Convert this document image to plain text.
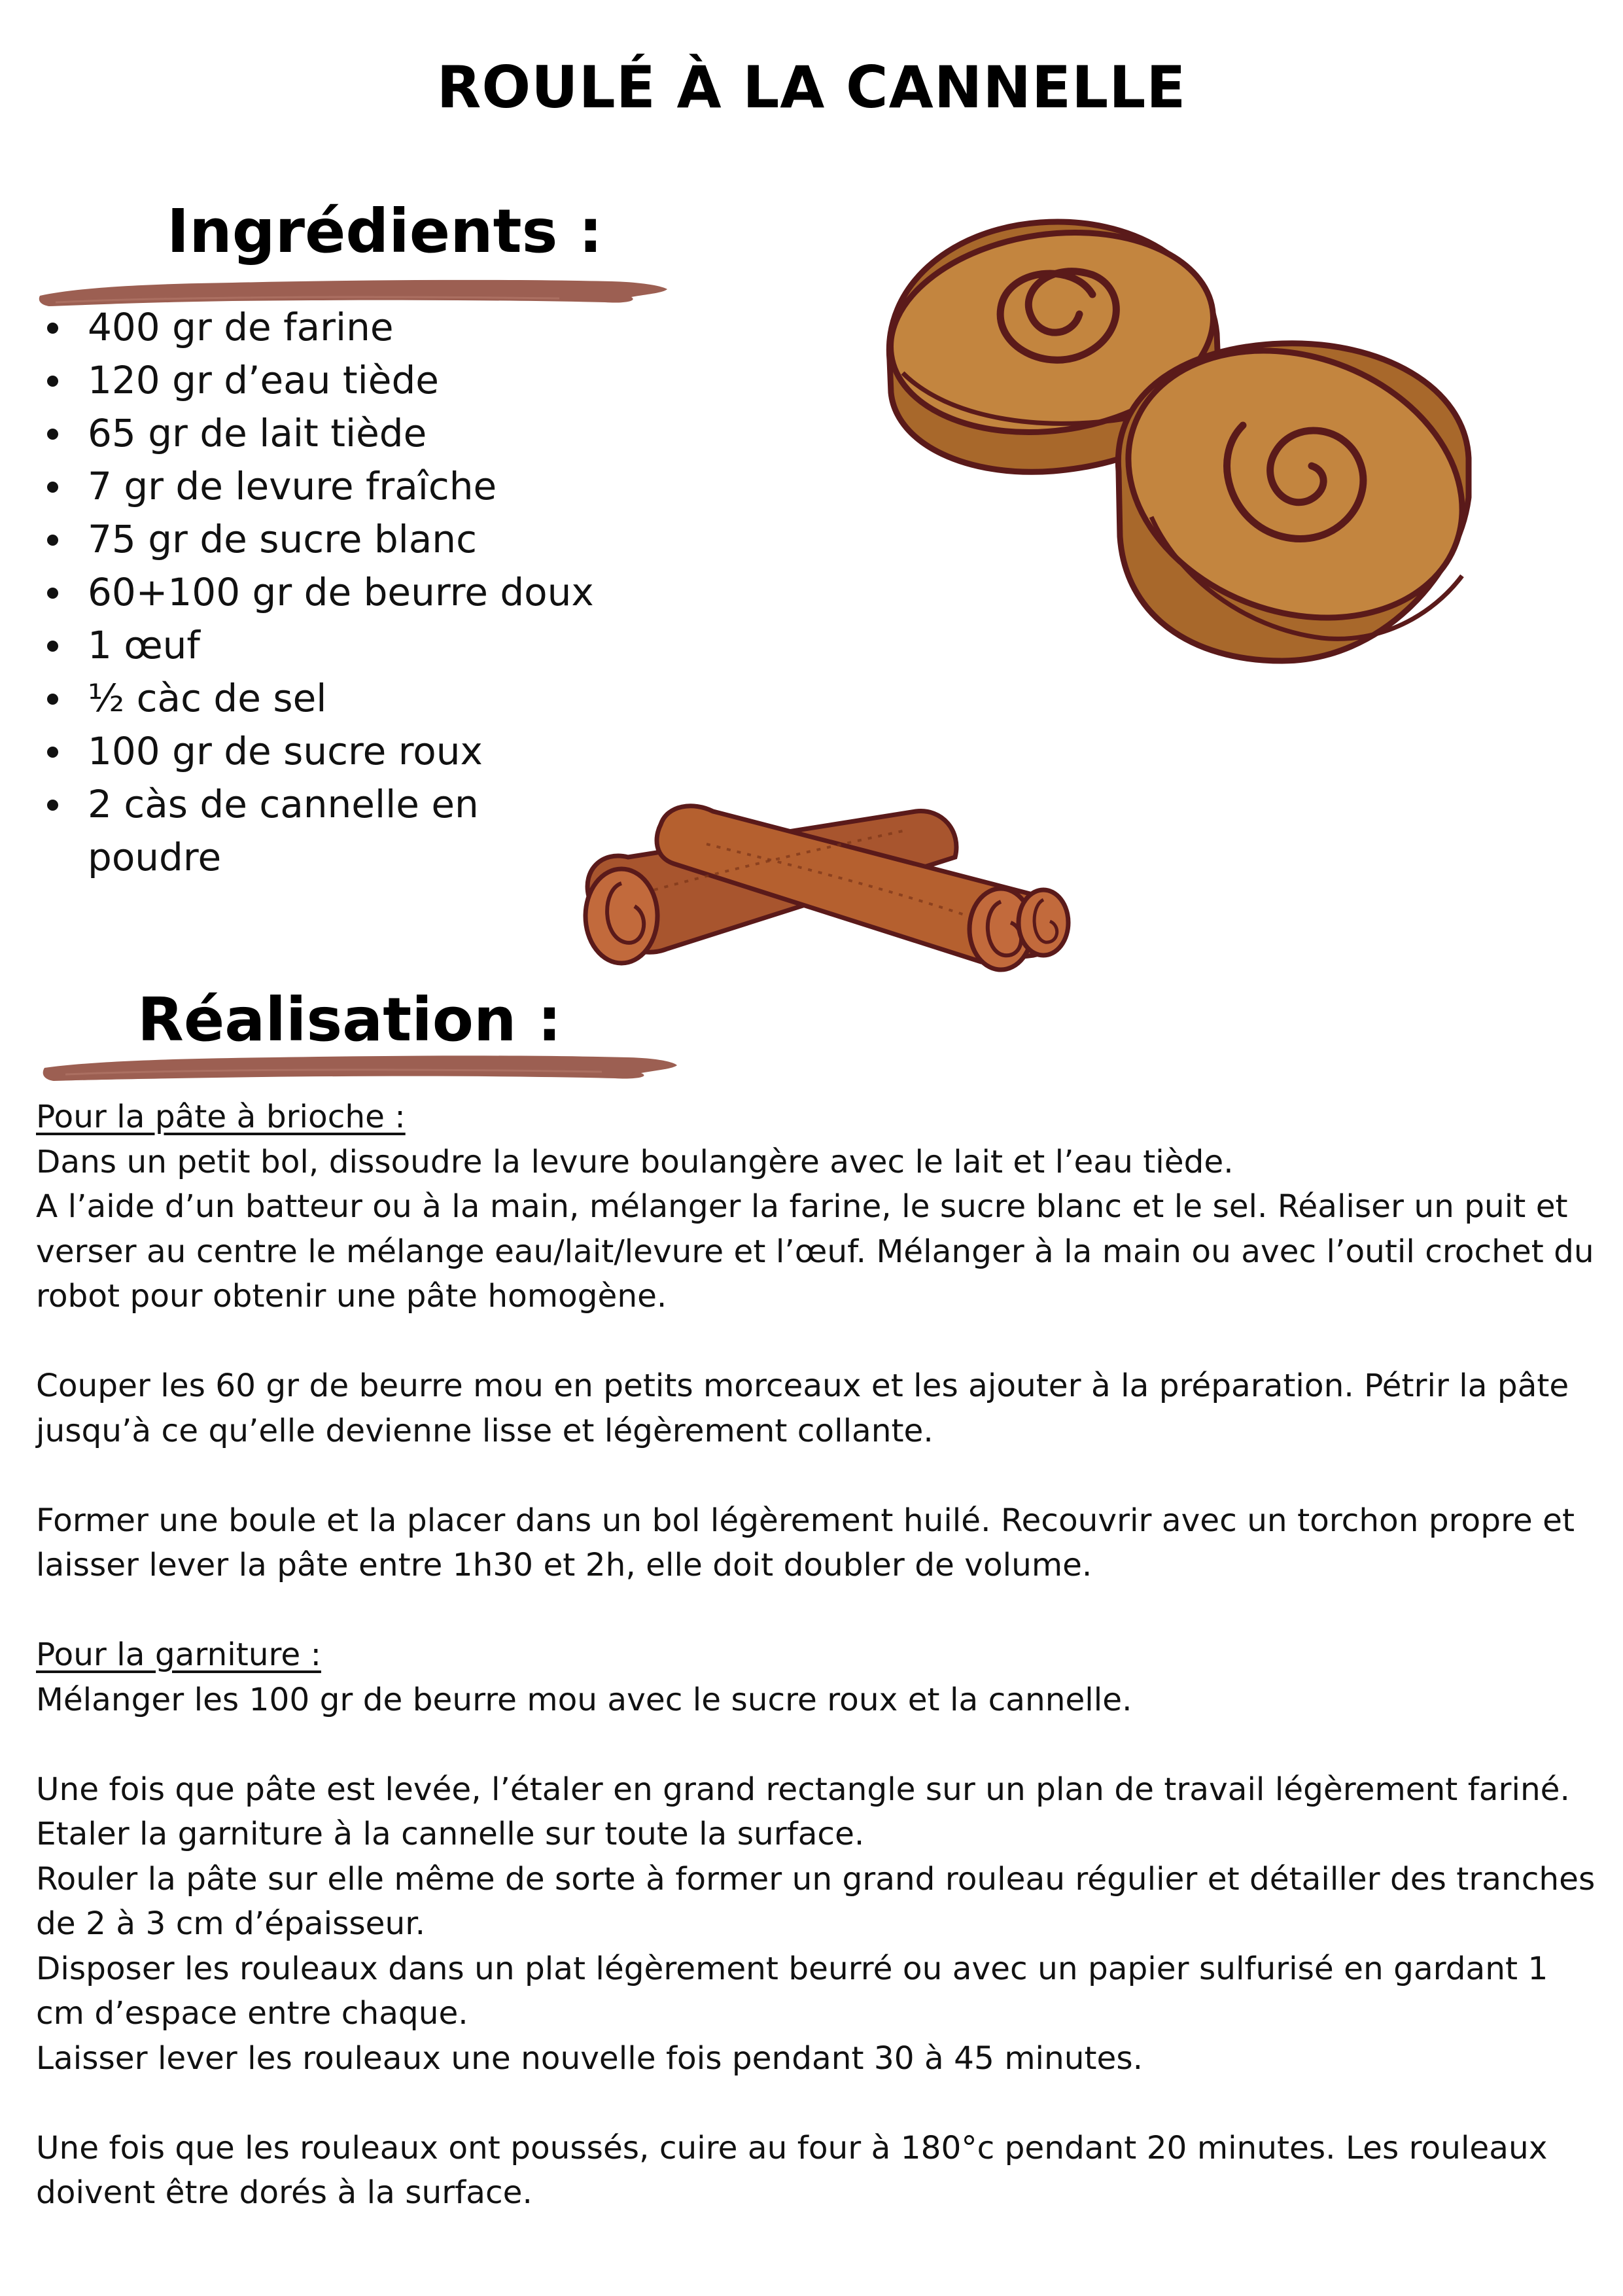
ROULÉ À LA CANNELLE
Ingrédients :
400 gr de farine
120 gr d’eau tiède
65 gr de lait tiède
7 gr de levure fraîche
75 gr de sucre blanc
60+100 gr de beurre doux
1 œuf
½ càc de sel
100 gr de sucre roux
2 càs de cannelle en poudre
Réalisation :

Pour la pâte à brioche :

Dans un petit bol, dissoudre la levure boulangère avec le lait et l’eau tiède.

A l’aide d’un batteur ou à la main, mélanger la farine, le sucre blanc et le sel. Réaliser un puit et verser au centre le mélange eau/lait/levure et l’œuf. Mélanger à la main ou avec l’outil crochet du robot pour obtenir une pâte homogène.

Couper les 60 gr de beurre mou en petits morceaux et les ajouter à la préparation. Pétrir la pâte jusqu’à ce qu’elle devienne lisse et légèrement collante.

Former une boule et la placer dans un bol légèrement huilé. Recouvrir avec un torchon propre et laisser lever la pâte entre 1h30 et 2h, elle doit doubler de volume.

Pour la garniture :

Mélanger les 100 gr de beurre mou avec le sucre roux et la cannelle.

Une fois que pâte est levée, l’étaler en grand rectangle sur un plan de travail légèrement fariné.

Etaler la garniture à la cannelle sur toute la surface.

Rouler la pâte sur elle même de sorte à former un grand rouleau régulier et détailler des tranches de 2 à 3 cm d’épaisseur.

Disposer les rouleaux dans un plat légèrement beurré ou avec un papier sulfurisé en gardant 1 cm d’espace entre chaque.

Laisser lever les rouleaux une nouvelle fois pendant 30 à 45 minutes.

Une fois que les rouleaux ont poussés, cuire au four à 180°c pendant 20 minutes. Les rouleaux doivent être dorés à la surface.
